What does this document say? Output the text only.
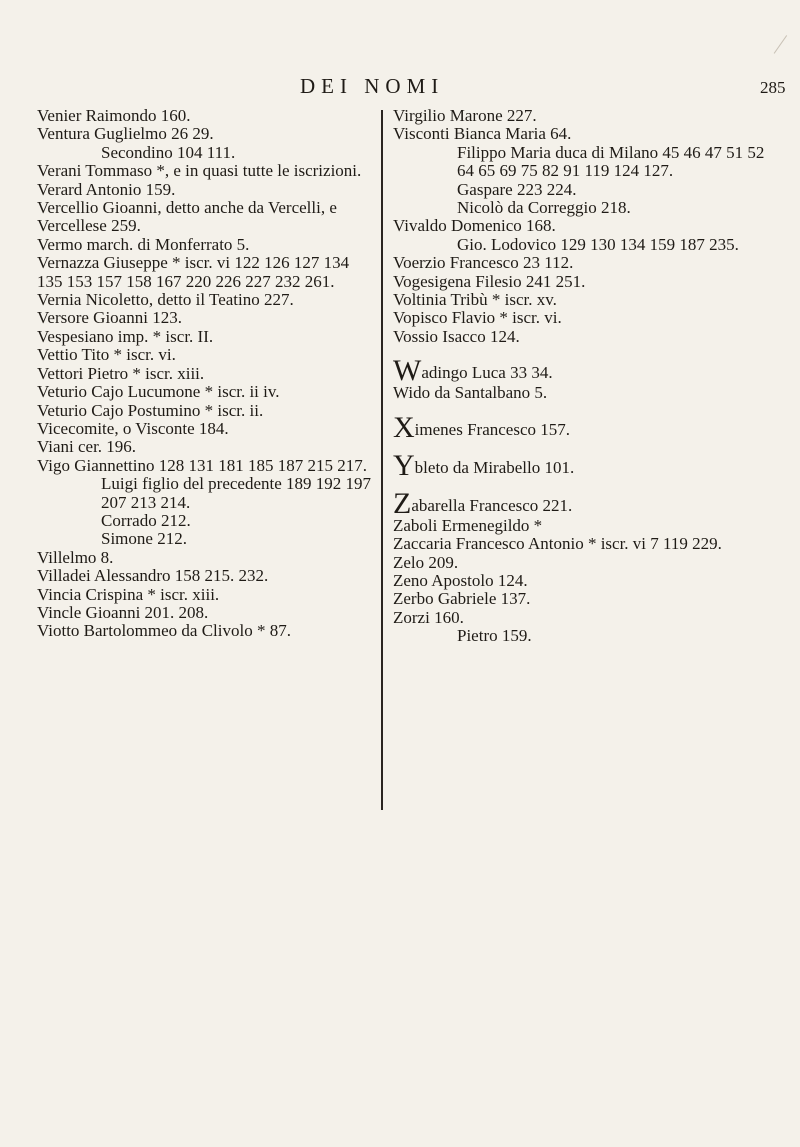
DEI NOMI	285
Venier Raimondo 160.
Ventura Guglielmo 26 29.
Secondino 104 111.
Verani Tommaso *, e in quasi tutte le iscrizioni.
Verard Antonio 159.
Vercellio Gioanni, detto anche da Vercelli, e Vercellese 259.
Vermo march. di Monferrato 5.
Vernazza Giuseppe * iscr. vi 122 126 127 134 135 153 157 158 167 220 226 227 232 261.
Vernia Nicoletto, detto il Teatino 227.
Versore Gioanni 123.
Vespesiano imp. * iscr. II.
Vettio Tito * iscr. vi.
Vettori Pietro * iscr. xiii.
Veturio Cajo Lucumone * iscr. ii iv.
Veturio Cajo Postumino * iscr. ii.
Vicecomite, o Visconte 184.
Viani cer. 196.
Vigo Giannettino 128 131 181 185 187 215 217.
Luigi figlio del precedente 189 192 197 207 213 214.
Corrado 212.
Simone 212.
Villelmo 8.
Villadei Alessandro 158 215. 232.
Vincia Crispina * iscr. xiii.
Vincle Gioanni 201. 208.
Viotto Bartolommeo da Clivolo * 87.
Virgilio Marone 227.
Visconti Bianca Maria 64.
Filippo Maria duca di Milano 45 46 47 51 52 64 65 69 75 82 91 119 124 127.
Gaspare 223 224.
Nicolò da Correggio 218.
Vivaldo Domenico 168.
Gio. Lodovico 129 130 134 159 187 235.
Voerzio Francesco 23 112.
Vogesigena Filesio 241 251.
Voltinia Tribù * iscr. xv.
Vopisco Flavio * iscr. vi.
Vossio Isacco 124.
Wadingo Luca 33 34.
Wido da Santalbano 5.
Ximenes Francesco 157.
Ybleto da Mirabello 101.
Zabarella Francesco 221.
Zaboli Ermenegildo *
Zaccaria Francesco Antonio * iscr. vi 7 119 229.
Zelo 209.
Zeno Apostolo 124.
Zerbo Gabriele 137.
Zorzi 160.
Pietro 159.
